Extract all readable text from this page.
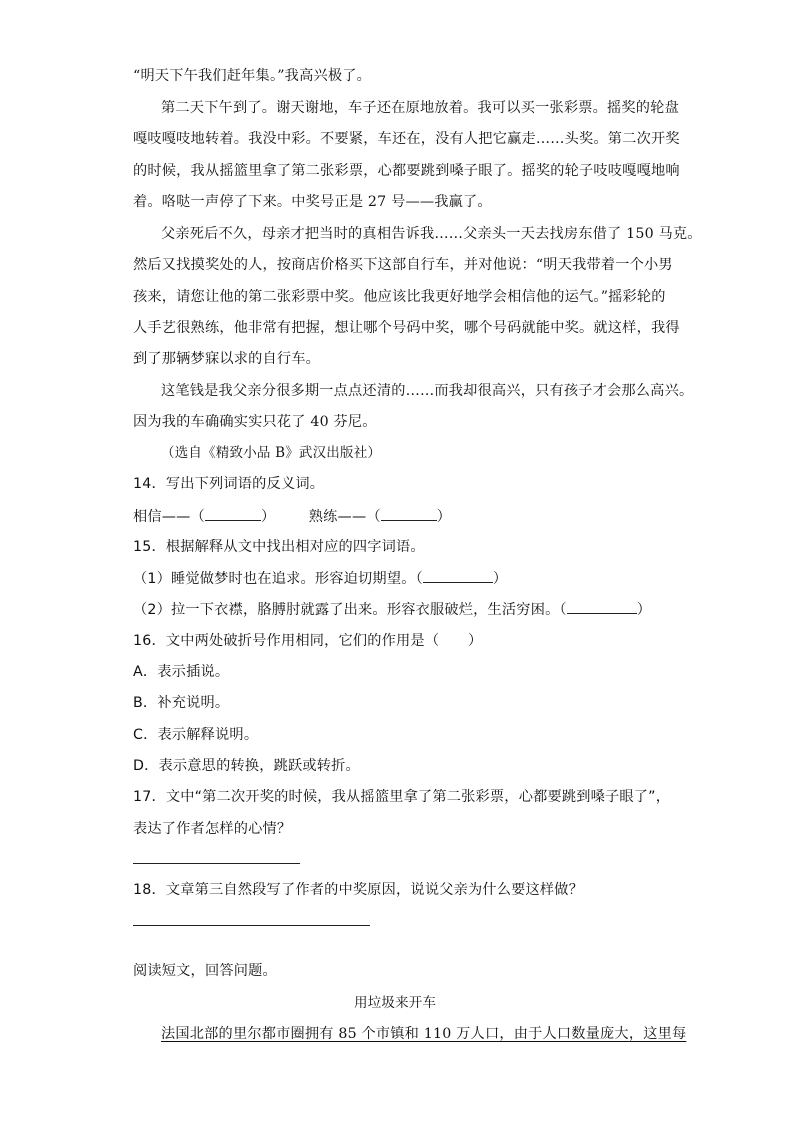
“明天下午我们赶年集。”我高兴极了。
第二天下午到了。谢天谢地，车子还在原地放着。我可以买一张彩票。摇奖的轮盘
嘎吱嘎吱地转着。我没中彩。不要紧，车还在，没有人把它赢走……头奖。第二次开奖
的时候，我从摇篮里拿了第二张彩票，心都要跳到嗓子眼了。摇奖的轮子吱吱嘎嘎地响
着。咯哒一声停了下来。中奖号正是 27 号——我赢了。
父亲死后不久，母亲才把当时的真相告诉我……父亲头一天去找房东借了 150 马克。
然后又找摸奖处的人，按商店价格买下这部自行车，并对他说：“明天我带着一个小男
孩来，请您让他的第二张彩票中奖。他应该比我更好地学会相信他的运气。”摇彩轮的
人手艺很熟练，他非常有把握，想让哪个号码中奖，哪个号码就能中奖。就这样，我得
到了那辆梦寐以求的自行车。
这笔钱是我父亲分很多期一点点还清的……而我却很高兴，只有孩子才会那么高兴。
因为我的车确确实实只花了 40 芬尼。
（选自《精致小品 B》武汉出版社）
14．写出下列词语的反义词。
相信——（	） 熟练——（	）
15．根据解释从文中找出相对应的四字词语。
（1）睡觉做梦时也在追求。形容迫切期望。（	）
（2）拉一下衣襟，胳膊肘就露了出来。形容衣服破烂，生活穷困。（	）
16．文中两处破折号作用相同，它们的作用是（　　）
A．表示插说。
B．补充说明。
C．表示解释说明。
D．表示意思的转换，跳跃或转折。
17．文中“第二次开奖的时候，我从摇篮里拿了第二张彩票，心都要跳到嗓子眼了”，
表达了作者怎样的心情？
18．文章第三自然段写了作者的中奖原因，说说父亲为什么要这样做？
阅读短文，回答问题。
用垃圾来开车
法国北部的里尔都市圈拥有 85 个市镇和 110 万人口，由于人口数量庞大，这里每
